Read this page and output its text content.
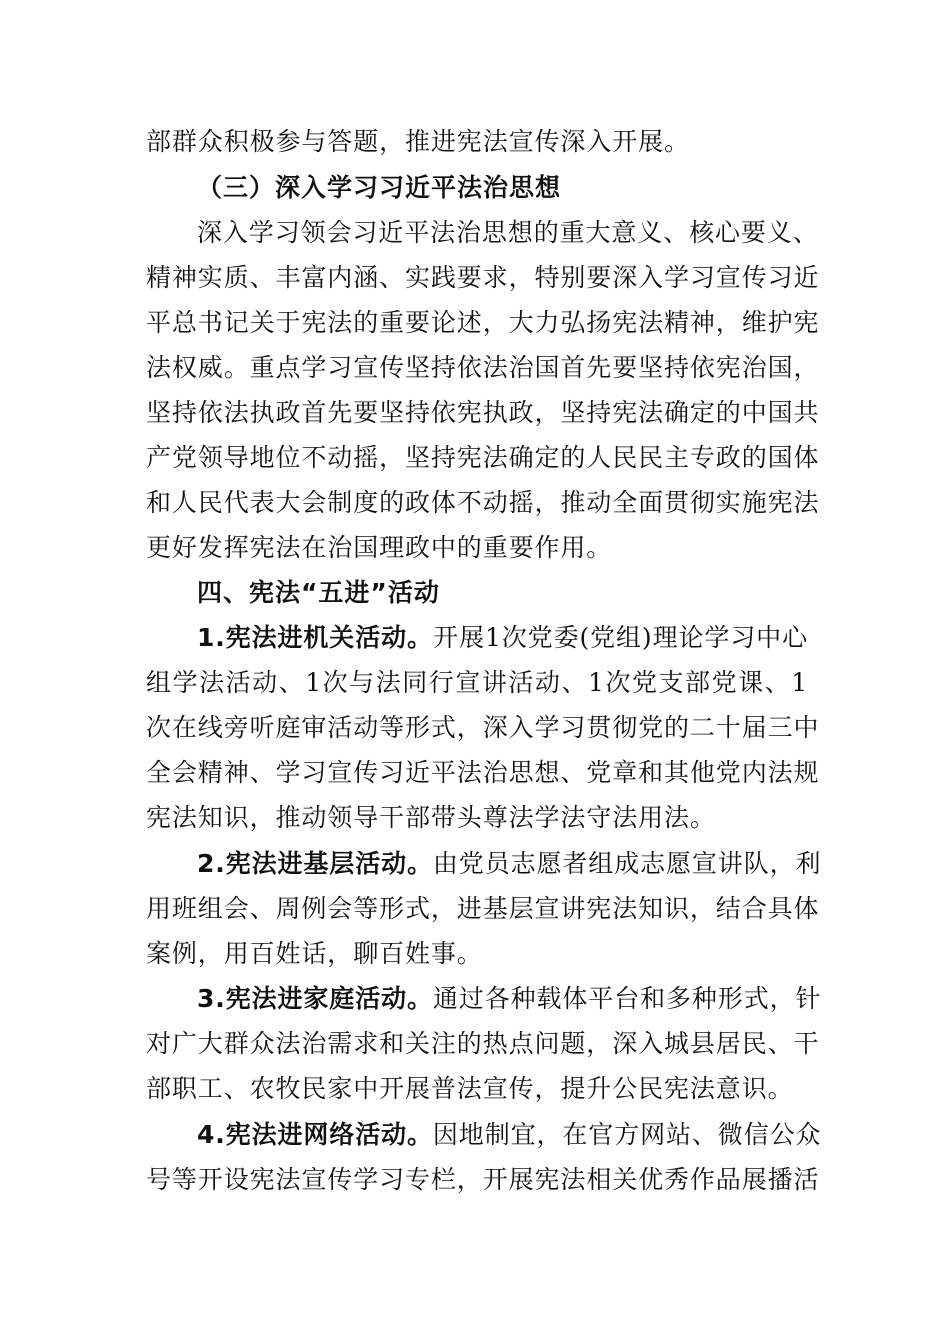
部群众积极参与答题，推进宪法宣传深入开展。
（三）深入学习习近平法治思想
深入学习领会习近平法治思想的重大意义、核心要义、
精神实质、丰富内涵、实践要求，特别要深入学习宣传习近
平总书记关于宪法的重要论述，大力弘扬宪法精神，维护宪
法权威。重点学习宣传坚持依法治国首先要坚持依宪治国，
坚持依法执政首先要坚持依宪执政，坚持宪法确定的中国共
产党领导地位不动摇，坚持宪法确定的人民民主专政的国体
和人民代表大会制度的政体不动摇，推动全面贯彻实施宪法
更好发挥宪法在治国理政中的重要作用。
四、宪法“五进”活动
1.宪法进机关活动。 开展1次党委(党组)理论学习中心
组学法活动、1次与法同行宣讲活动、1次党支部党课、1
次在线旁听庭审活动等形式，深入学习贯彻党的二十届三中
全会精神、学习宣传习近平法治思想、党章和其他党内法规
宪法知识，推动领导干部带头尊法学法守法用法。
2.宪法进基层活动。 由党员志愿者组成志愿宣讲队，利
用班组会、周例会等形式，进基层宣讲宪法知识，结合具体
案例，用百姓话，聊百姓事。
3.宪法进家庭活动。 通过各种载体平台和多种形式，针
对广大群众法治需求和关注的热点问题，深入城县居民、干
部职工、农牧民家中开展普法宣传，提升公民宪法意识。
4.宪法进网络活动。 因地制宜，在官方网站、微信公众
号等开设宪法宣传学习专栏，开展宪法相关优秀作品展播活
